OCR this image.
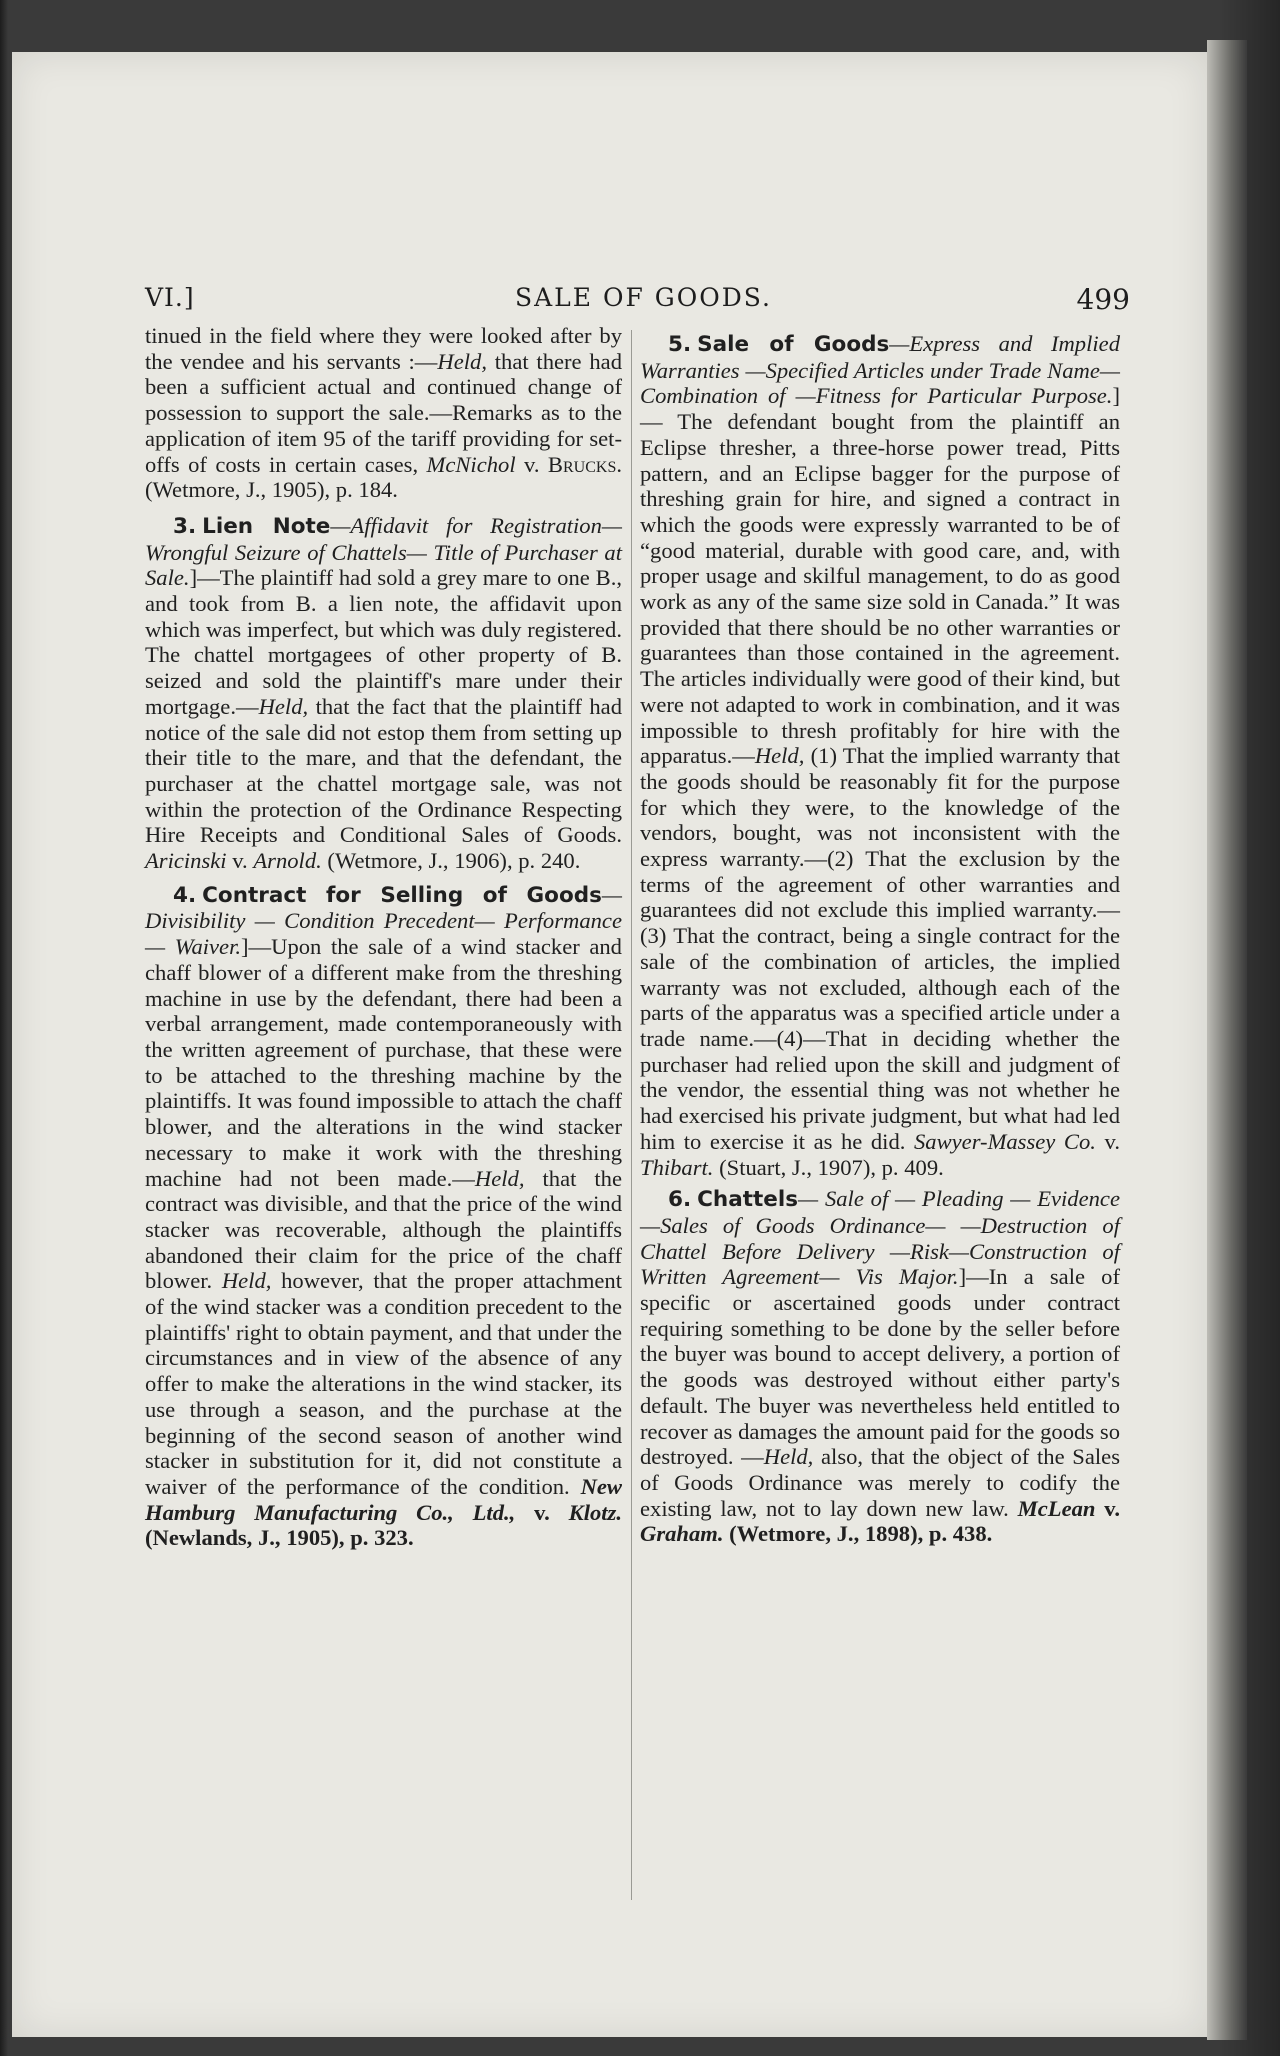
VI.]	SALE OF GOODS.	499

tinued in the field where they were looked after by the vendee and his servants :—Held, that there had been a sufficient actual and continued change of possession to support the sale.—Remarks as to the application of item 95 of the tariff providing for set-offs of costs in certain cases, McNichol v. Brucks. (Wetmore, J., 1905), p. 184.

3. Lien Note—Affidavit for Registration— Wrongful Seizure of Chattels— Title of Purchaser at Sale.]—The plaintiff had sold a grey mare to one B., and took from B. a lien note, the affidavit upon which was imperfect, but which was duly registered. The chattel mortgagees of other property of B. seized and sold the plaintiff's mare under their mortgage.—Held, that the fact that the plaintiff had notice of the sale did not estop them from setting up their title to the mare, and that the defendant, the purchaser at the chattel mortgage sale, was not within the protection of the Ordinance Respecting Hire Receipts and Conditional Sales of Goods. Aricinski v. Arnold. (Wetmore, J., 1906), p. 240.

4. Contract for Selling of Goods— Divisibility — Condition Precedent— Performance— Waiver.]—Upon the sale of a wind stacker and chaff blower of a different make from the threshing machine in use by the defendant, there had been a verbal arrangement, made contemporaneously with the written agreement of purchase, that these were to be attached to the threshing machine by the plaintiffs. It was found impossible to attach the chaff blower, and the alterations in the wind stacker necessary to make it work with the threshing machine had not been made.—Held, that the contract was divisible, and that the price of the wind stacker was recoverable, although the plaintiffs abandoned their claim for the price of the chaff blower. Held, however, that the proper attachment of the wind stacker was a condition precedent to the plaintiffs' right to obtain payment, and that under the circumstances and in view of the absence of any offer to make the alterations in the wind stacker, its use through a season, and the purchase at the beginning of the second season of another wind stacker in substitution for it, did not constitute a waiver of the performance of the condition. New Hamburg Manufacturing Co., Ltd., v. Klotz. (Newlands, J., 1905), p. 323.

5. Sale of Goods—Express and Implied Warranties —Specified Articles under Trade Name—Combination of —Fitness for Particular Purpose.] — The defendant bought from the plaintiff an Eclipse thresher, a three-horse power tread, Pitts pattern, and an Eclipse bagger for the purpose of threshing grain for hire, and signed a contract in which the goods were expressly warranted to be of “good material, durable with good care, and, with proper usage and skilful management, to do as good work as any of the same size sold in Canada.” It was provided that there should be no other warranties or guarantees than those contained in the agreement. The articles individually were good of their kind, but were not adapted to work in combination, and it was impossible to thresh profitably for hire with the apparatus.—Held, (1) That the implied warranty that the goods should be reasonably fit for the purpose for which they were, to the knowledge of the vendors, bought, was not inconsistent with the express warranty.—(2) That the exclusion by the terms of the agreement of other warranties and guarantees did not exclude this implied warranty.—(3) That the contract, being a single contract for the sale of the combination of articles, the implied warranty was not excluded, although each of the parts of the apparatus was a specified article under a trade name.—(4)—That in deciding whether the purchaser had relied upon the skill and judgment of the vendor, the essential thing was not whether he had exercised his private judgment, but what had led him to exercise it as he did. Sawyer-Massey Co. v. Thibart. (Stuart, J., 1907), p. 409.

6. Chattels— Sale of — Pleading — Evidence—Sales of Goods Ordinance— —Destruction of Chattel Before Delivery —Risk—Construction of Written Agreement— Vis Major.]—In a sale of specific or ascertained goods under contract requiring something to be done by the seller before the buyer was bound to accept delivery, a portion of the goods was destroyed without either party's default. The buyer was nevertheless held entitled to recover as damages the amount paid for the goods so destroyed. —Held, also, that the object of the Sales of Goods Ordinance was merely to codify the existing law, not to lay down new law. McLean v. Graham. (Wetmore, J., 1898), p. 438.
